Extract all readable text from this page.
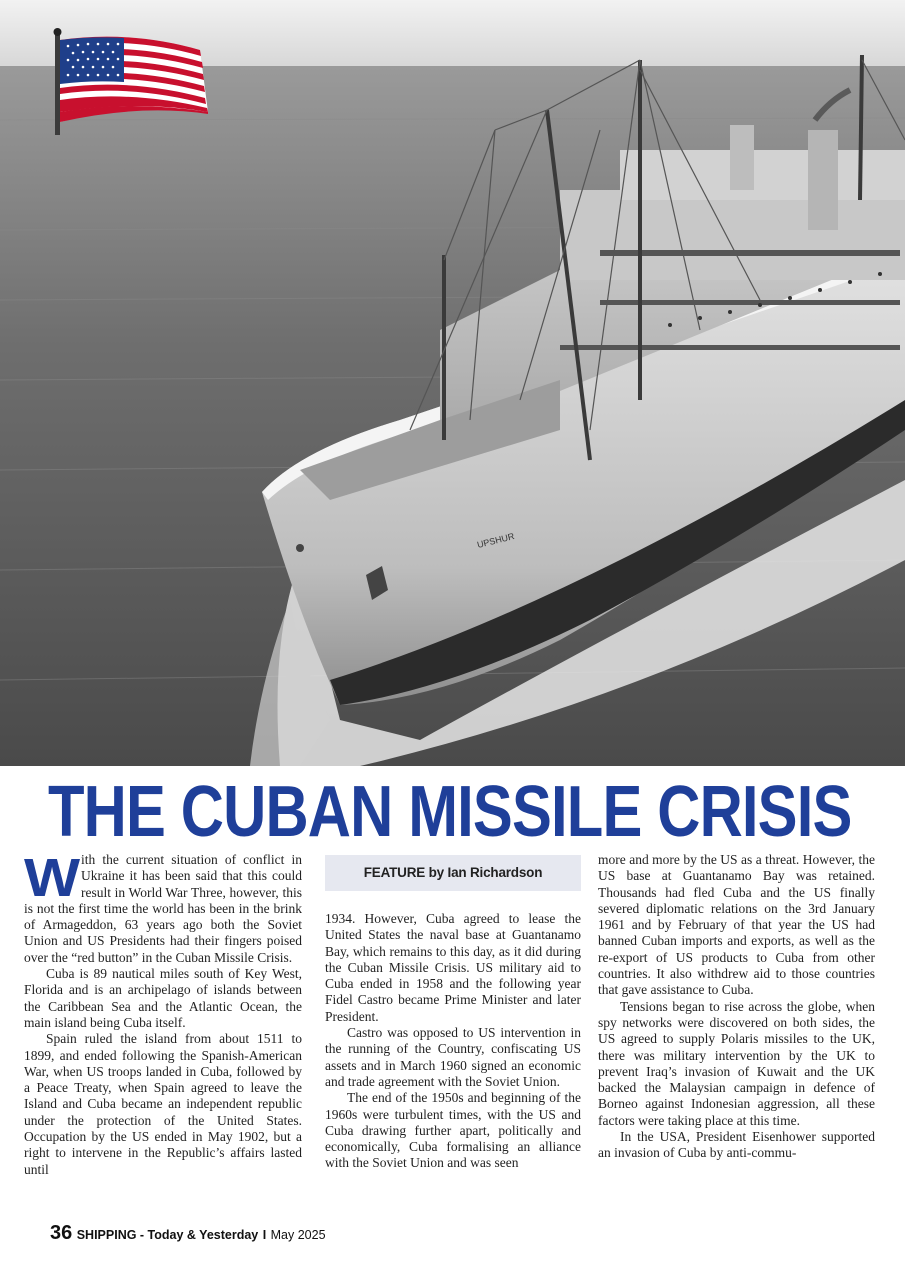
UPSHUR
THE CUBAN MISSILE CRISIS

With the current situation of conflict in Ukraine it has been said that this could result in World War Three, however, this is not the first time the world has been in the brink of Armageddon, 63 years ago both the Soviet Union and US Presidents had their fingers poised over the “red button” in the Cuban Missile Crisis.

Cuba is 89 nautical miles south of Key West, Florida and is an archipelago of islands between the Caribbean Sea and the Atlantic Ocean, the main island being Cuba itself.

Spain ruled the island from about 1511 to 1899, and ended following the Spanish-American War, when US troops landed in Cuba, followed by a Peace Treaty, when Spain agreed to leave the Island and Cuba became an independent republic under the protection of the United States. Occupation by the US ended in May 1902, but a right to intervene in the Republic’s affairs lasted until

FEATURE by Ian Richardson

1934. However, Cuba agreed to lease the United States the naval base at Guantanamo Bay, which remains to this day, as it did during the Cuban Missile Crisis. US military aid to Cuba ended in 1958 and the following year Fidel Castro became Prime Minister and later President.

Castro was opposed to US intervention in the running of the Country, confiscating US assets and in March 1960 signed an economic and trade agreement with the Soviet Union.

The end of the 1950s and beginning of the 1960s were turbulent times, with the US and Cuba drawing further apart, politically and economically, Cuba formalising an alliance with the Soviet Union and was seen

more and more by the US as a threat. However, the US base at Guantanamo Bay was retained. Thousands had fled Cuba and the US finally severed diplomatic relations on the 3rd January 1961 and by February of that year the US had banned Cuban imports and exports, as well as the re-export of US products to Cuba from other countries. It also withdrew aid to those countries that gave assistance to Cuba.

Tensions began to rise across the globe, when spy networks were discovered on both sides, the US agreed to supply Polaris missiles to the UK, there was military intervention by the UK to prevent Iraq’s invasion of Kuwait and the UK backed the Malaysian campaign in defence of Borneo against Indonesian aggression, all these factors were taking place at this time.

In the USA, President Eisenhower supported an invasion of Cuba by anti-commu-

36 SHIPPING - Today & Yesterday I May 2025
